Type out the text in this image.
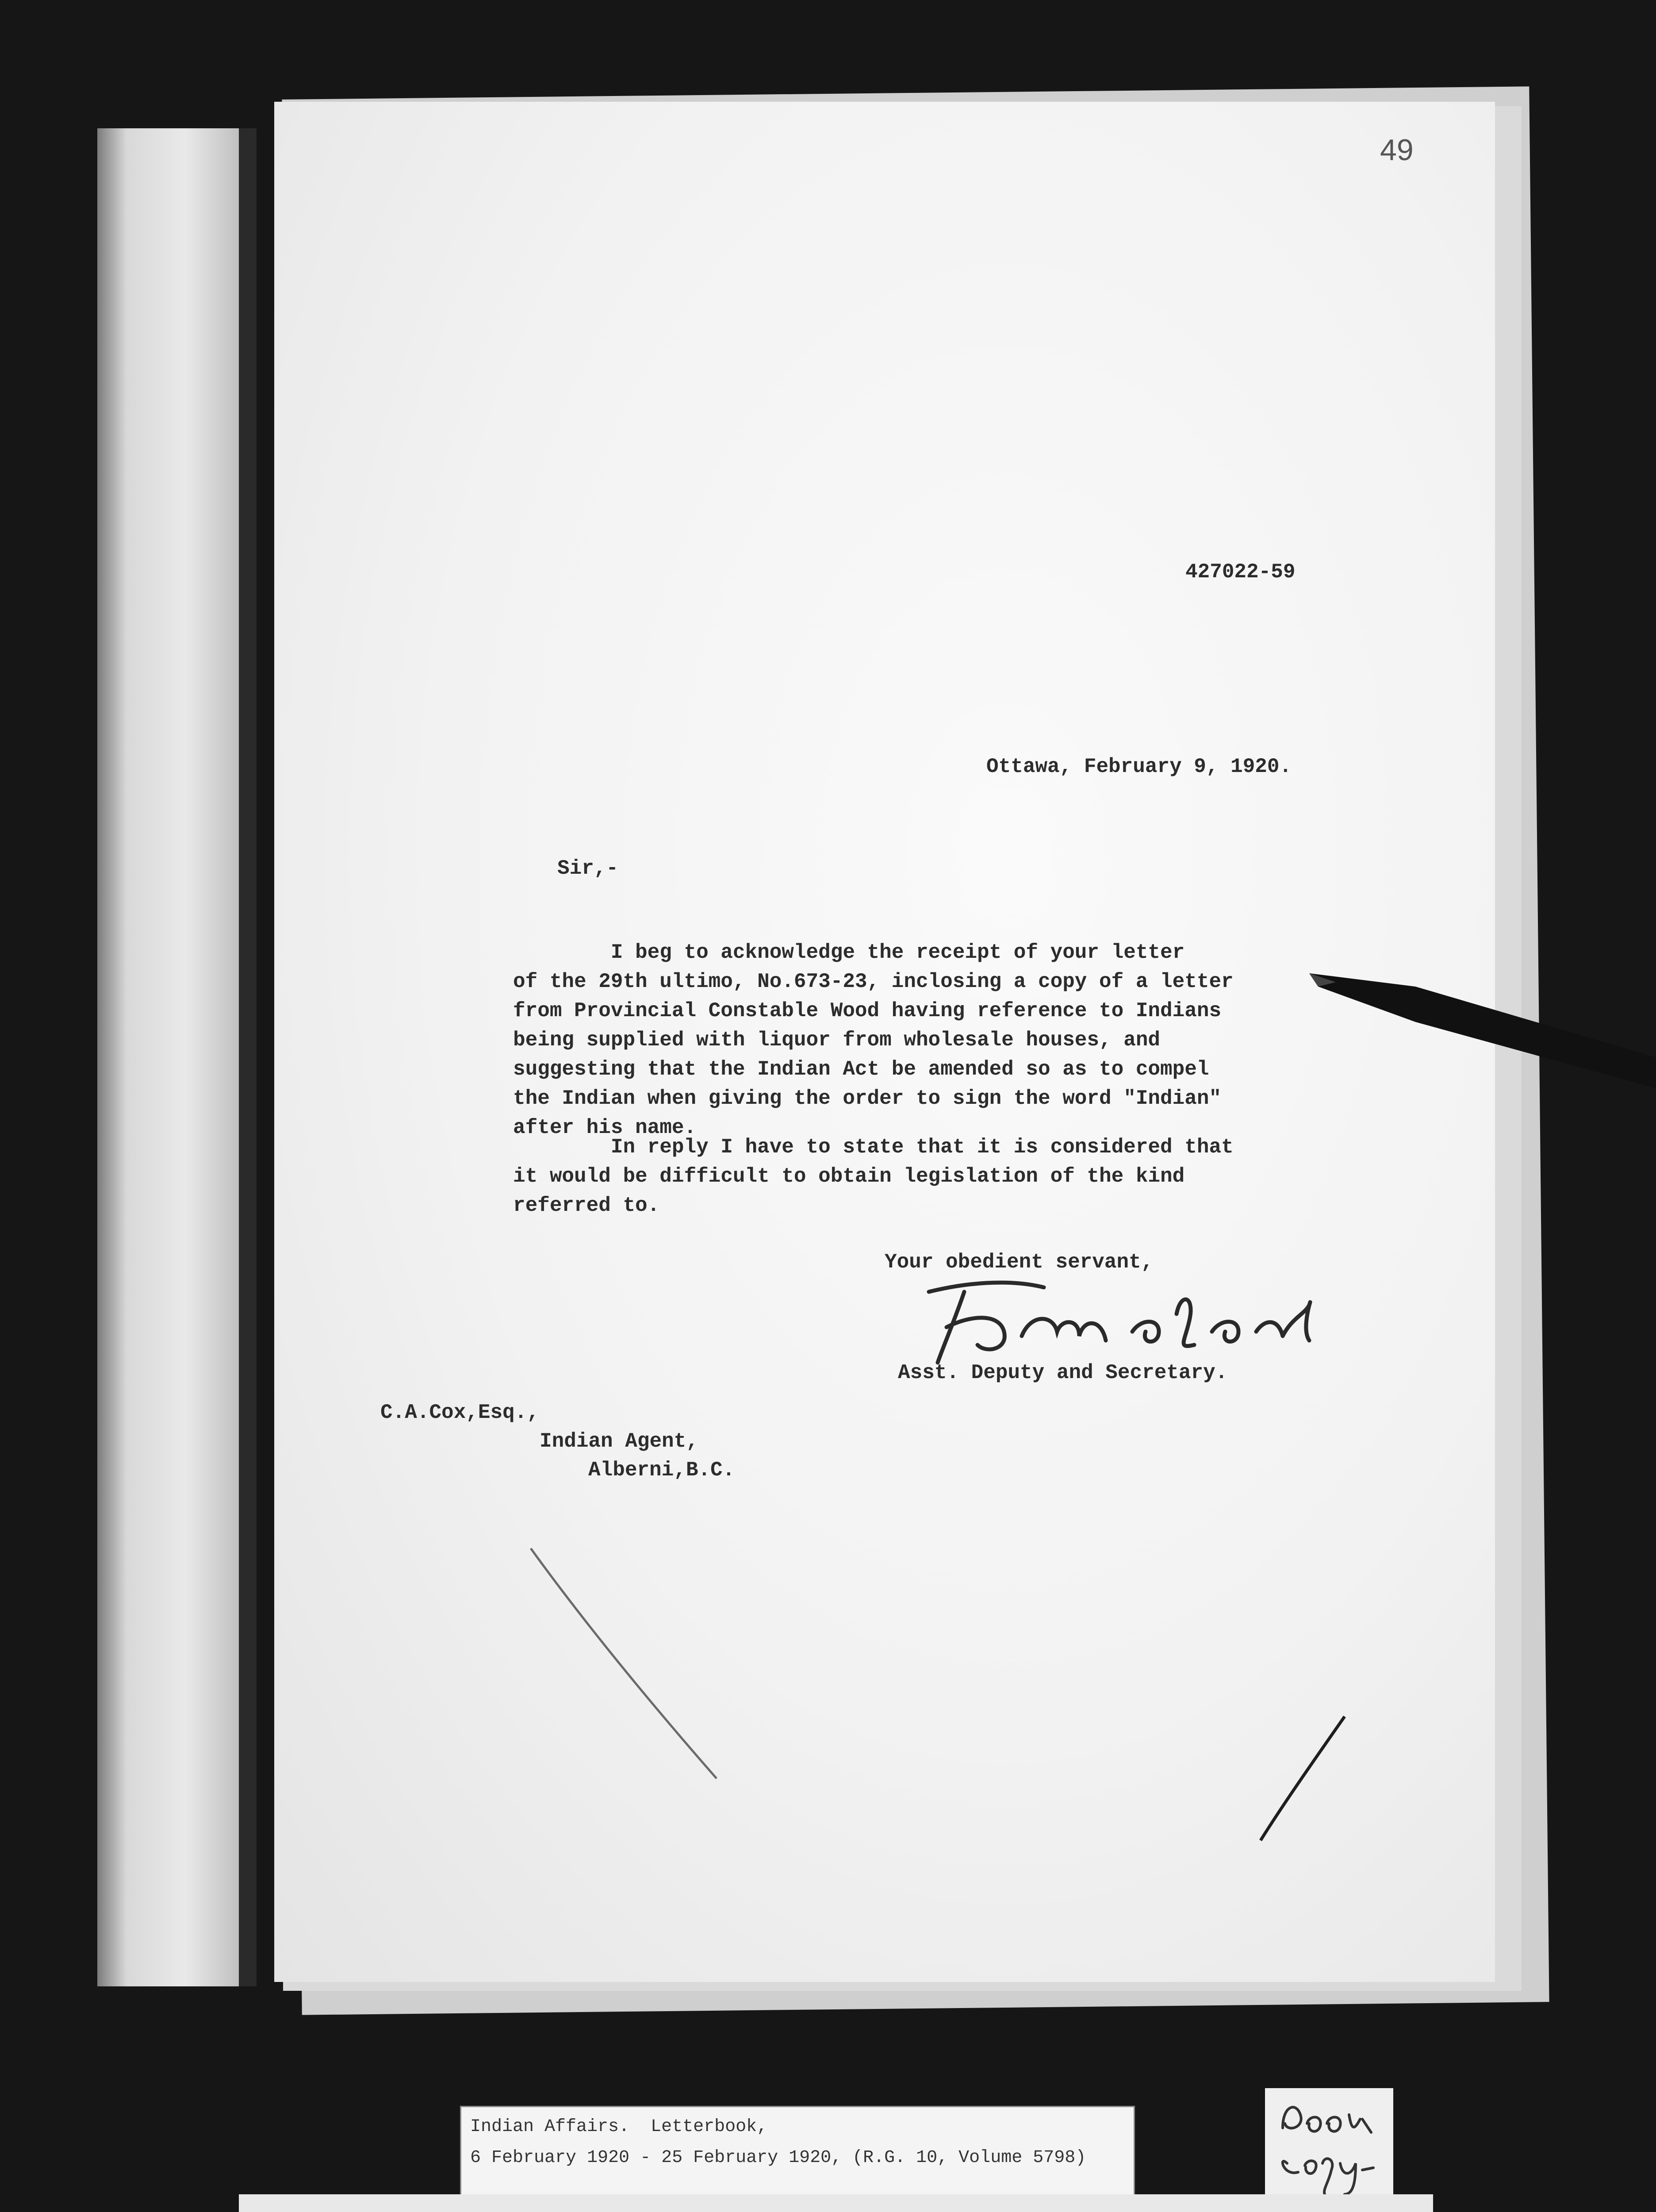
49
427022-59
Ottawa, February 9, 1920.
Sir,-
I beg to acknowledge the receipt of your letter
of the 29th ultimo, No.673-23, inclosing a copy of a letter
from Provincial Constable Wood having reference to Indians
being supplied with liquor from wholesale houses, and
suggesting that the Indian Act be amended so as to compel
the Indian when giving the order to sign the word "Indian"
after his name.
In reply I have to state that it is considered that
it would be difficult to obtain legislation of the kind
referred to.
Your obedient servant,
Asst. Deputy and Secretary.
C.A.Cox,Esq.,
Indian Agent,
Alberni,B.C.
Indian Affairs.  Letterbook,
6 February 1920 - 25 February 1920, (R.G. 10, Volume 5798)
